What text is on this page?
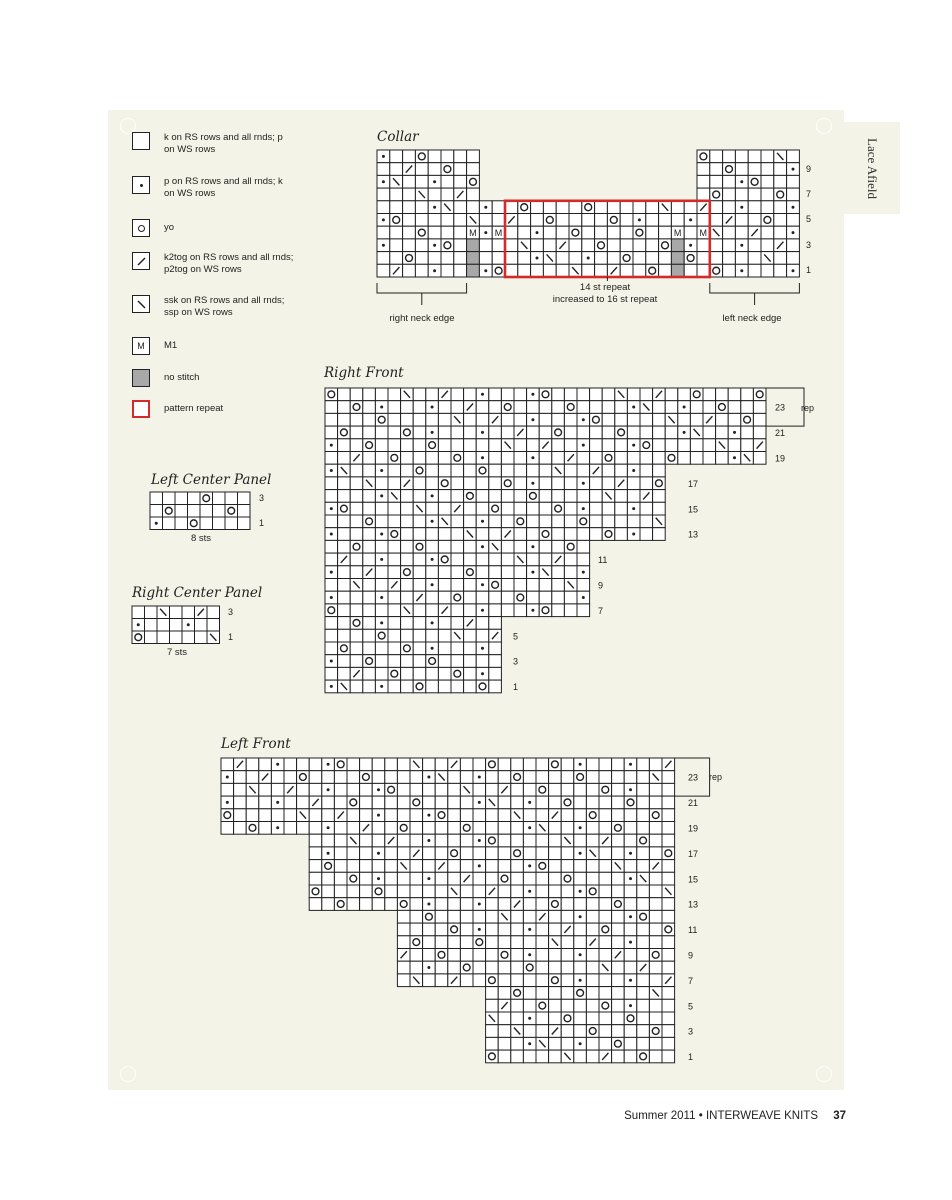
Lace Afield
k on RS rows and all rnds; p on WS rows
p on RS rows and all rnds; k on WS rows
yo
k2tog on RS rows and all rnds; p2tog on WS rows
ssk on RS rows and all rnds; ssp on WS rows
M M1
no stitch
pattern repeat
Collar
M M	M M
14 st repeat
increased to 16 st repeat
right neck edge	left neck edge
9
7
5
3
1
Left Center Panel
3
1
8 sts
Right Center Panel
3
1
7 sts
Right Front
23
21
19
17
15
13
11
9
7
5
3
1
rep
Left Front
23
21
19
17
15
13
11
9
7
5
3
1
rep
Summer 2011 • INTERWEAVE KNITS 37
